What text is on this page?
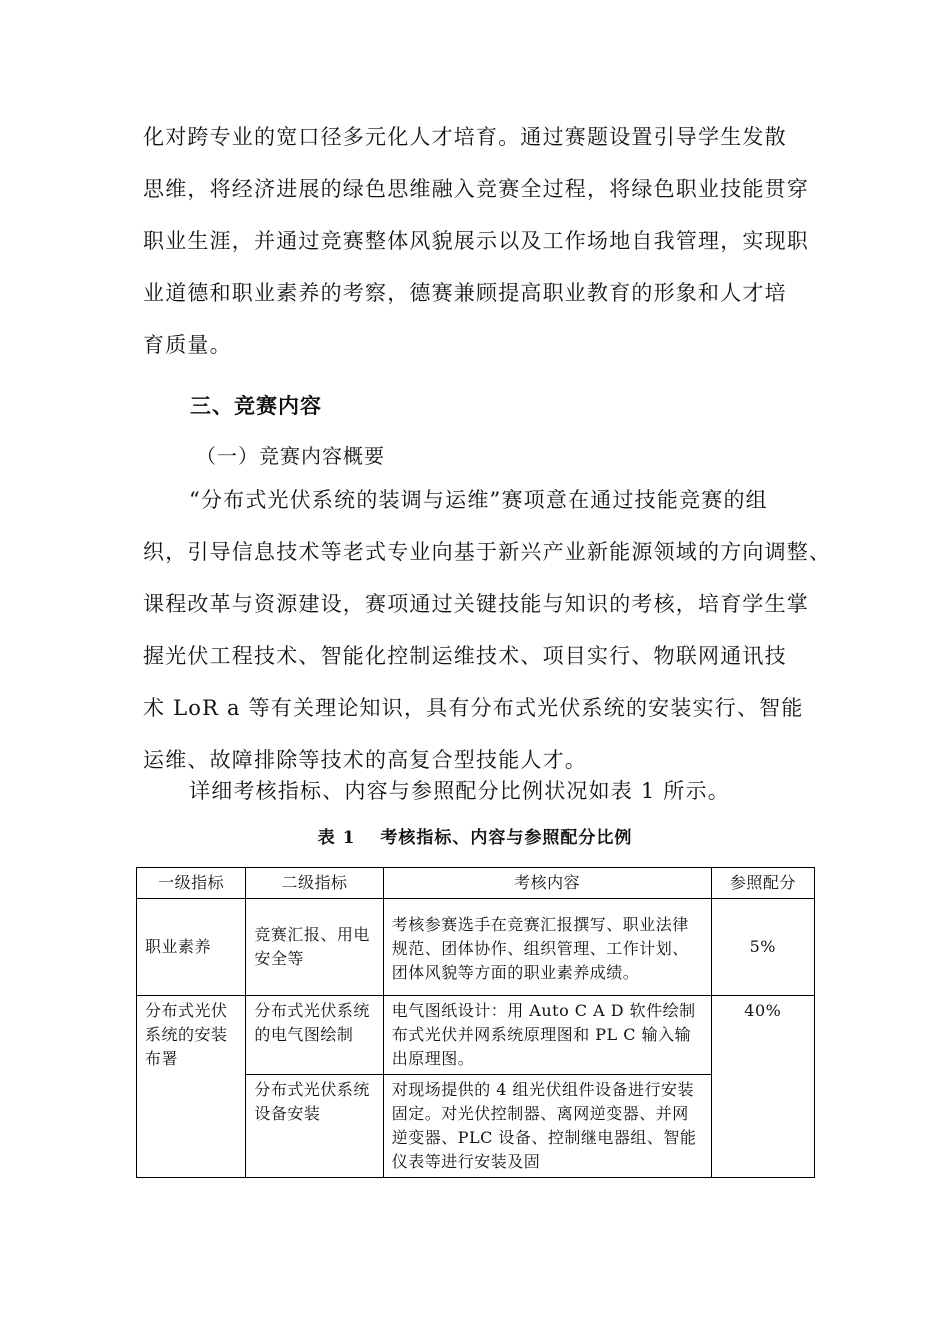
化对跨专业的宽口径多元化人才培育。通过赛题设置引导学生发散
思维，将经济进展的绿色思维融入竞赛全过程，将绿色职业技能贯穿
职业生涯，并通过竞赛整体风貌展示以及工作场地自我管理，实现职
业道德和职业素养的考察，德赛兼顾提高职业教育的形象和人才培
育质量。
三、竞赛内容
（一）竞赛内容概要
“分布式光伏系统的装调与运维”赛项意在通过技能竞赛的组
织，引导信息技术等老式专业向基于新兴产业新能源领域的方向调整、
课程改革与资源建设，赛项通过关键技能与知识的考核，培育学生掌
握光伏工程技术、智能化控制运维技术、项目实行、物联网通讯技
术 LoR a 等有关理论知识，具有分布式光伏系统的安装实行、智能
运维、故障排除等技术的高复合型技能人才。
详细考核指标、内容与参照配分比例状况如表 1 所示。
表 1　 考核指标、内容与参照配分比例
一级指标	二级指标	考核内容	参照配分
职业素养	竞赛汇报、用电安全等	考核参赛选手在竞赛汇报撰写、职业法律规范、团体协作、组织管理、工作计划、团体风貌等方面的职业素养成绩。	5%
分布式光伏系统的安装布署	分布式光伏系统的电气图绘制	电气图纸设计：用 Auto C A D 软件绘制布式光伏并网系统原理图和 PL C 输入输出原理图。	40%
	分布式光伏系统设备安装	对现场提供的 4 组光伏组件设备进行安装固定。对光伏控制器、离网逆变器、并网逆变器、PLC 设备、控制继电器组、智能仪表等进行安装及固	
